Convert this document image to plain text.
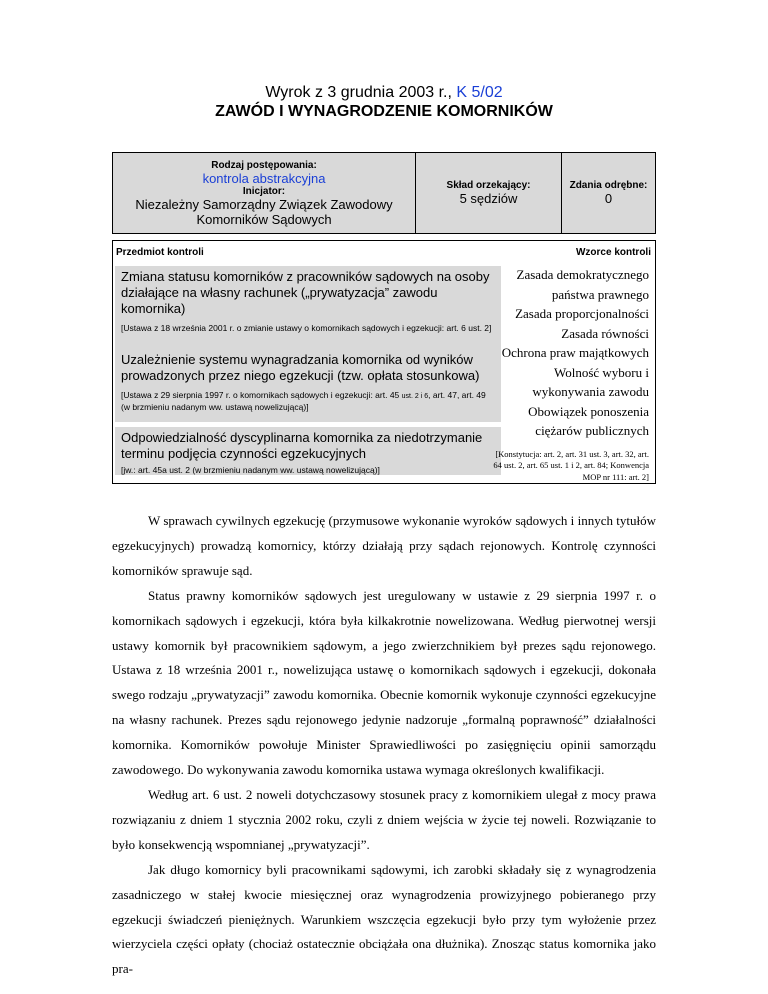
Wyrok z 3 grudnia 2003 r., K 5/02
ZAWÓD I WYNAGRODZENIE KOMORNIKÓW
Rodzaj postępowania:
kontrola abstrakcyjna
Inicjator:
Niezależny Samorządny Związek Zawodowy
Komorników Sądowych
Skład orzekający:
5 sędziów
Zdania odrębne:
0
Przedmiot kontroli	Wzorce kontroli
Zmiana statusu komorników z pracowników sądowych na osoby działające na własny rachunek („prywatyzacja” zawodu komornika)
[Ustawa z 18 września 2001 r. o zmianie ustawy o komornikach sądowych i egzekucji: art. 6 ust. 2]
Uzależnienie systemu wynagradzania komornika od wyników prowadzonych przez niego egzekucji (tzw. opłata stosunkowa)
[Ustawa z 29 sierpnia 1997 r. o komornikach sądowych i egzekucji: art. 45 ust. 2 i 6, art. 47, art. 49 (w brzmieniu nadanym ww. ustawą nowelizującą)]
Odpowiedzialność dyscyplinarna komornika za niedotrzymanie terminu podjęcia czynności egzekucyjnych
[jw.: art. 45a ust. 2 (w brzmieniu nadanym ww. ustawą nowelizującą)]
Zasada demokratycznego państwa prawnego
Zasada proporcjonalności
Zasada równości
Ochrona praw majątkowych
Wolność wyboru i wykonywania zawodu
Obowiązek ponoszenia ciężarów publicznych
[Konstytucja: art. 2, art. 31 ust. 3, art. 32, art. 64 ust. 2, art. 65 ust. 1 i 2, art. 84; Konwencja MOP nr 111: art. 2]

W sprawach cywilnych egzekucję (przymusowe wykonanie wyroków sądowych i innych tytułów egzekucyjnych) prowadzą komornicy, którzy działają przy sądach rejonowych. Kontrolę czynności komorników sprawuje sąd.

Status prawny komorników sądowych jest uregulowany w ustawie z 29 sierpnia 1997 r. o komornikach sądowych i egzekucji, która była kilkakrotnie nowelizowana. Według pierwotnej wersji ustawy komornik był pracownikiem sądowym, a jego zwierzchnikiem był prezes sądu rejonowego. Ustawa z 18 września 2001 r., nowelizująca ustawę o komornikach sądowych i egzekucji, dokonała swego rodzaju „prywatyzacji” zawodu komornika. Obecnie komornik wykonuje czynności egzekucyjne na własny rachunek. Prezes sądu rejonowego jedynie nadzoruje „formalną poprawność” działalności komornika. Komorników powołuje Minister Sprawiedliwości po zasięgnięciu opinii samorządu zawodowego. Do wykonywania zawodu komornika ustawa wymaga określonych kwalifikacji.

Według art. 6 ust. 2 noweli dotychczasowy stosunek pracy z komornikiem ulegał z mocy prawa rozwiązaniu z dniem 1 stycznia 2002 roku, czyli z dniem wejścia w życie tej noweli. Rozwiązanie to było konsekwencją wspomnianej „prywatyzacji”.

Jak długo komornicy byli pracownikami sądowymi, ich zarobki składały się z wynagrodzenia zasadniczego w stałej kwocie miesięcznej oraz wynagrodzenia prowizyjnego pobieranego przy egzekucji świadczeń pieniężnych. Warunkiem wszczęcia egzekucji było przy tym wyłożenie przez wierzyciela części opłaty (chociaż ostatecznie obciążała ona dłużnika). Znosząc status komornika jako pra-
